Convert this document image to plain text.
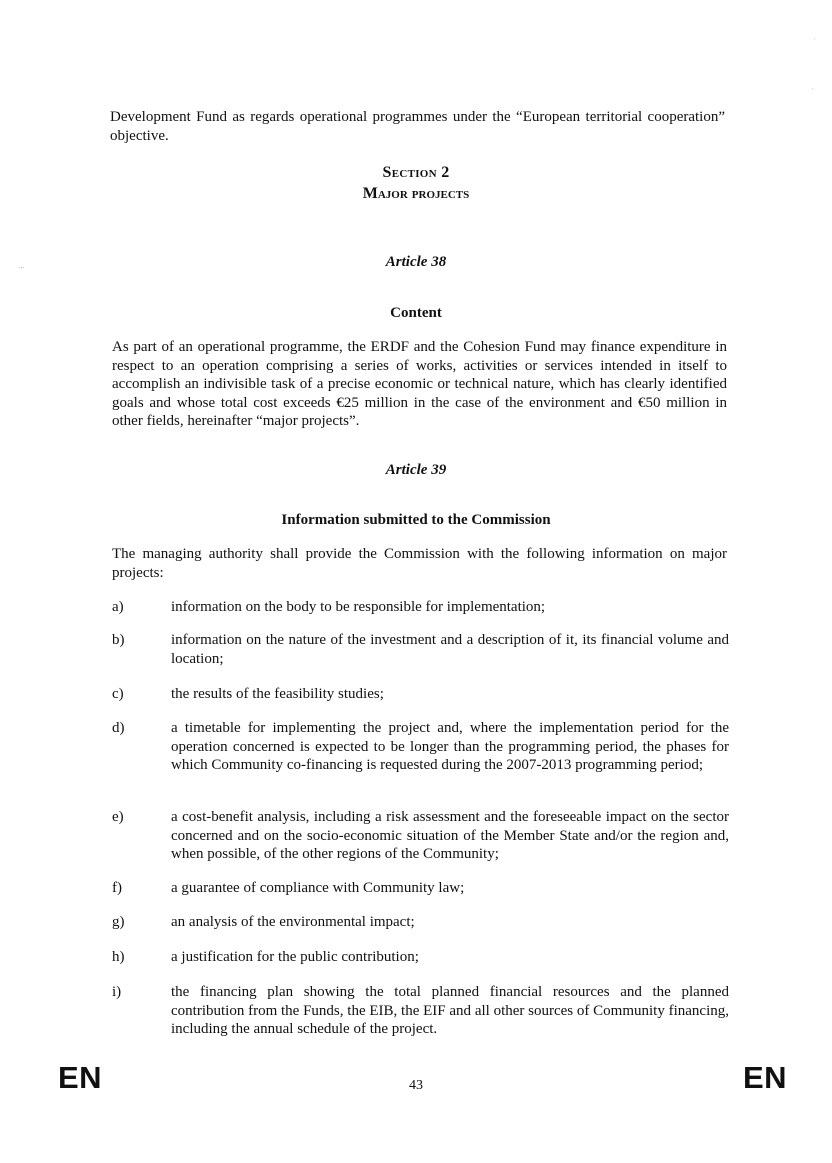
Development Fund as regards operational programmes under the “European territorial cooperation” objective.

Section 2
Major projects
‥.
˙
˙
Article 38
Content

As part of an operational programme, the ERDF and the Cohesion Fund may finance expenditure in respect to an operation comprising a series of works, activities or services intended in itself to accomplish an indivisible task of a precise economic or technical nature, which has clearly identified goals and whose total cost exceeds €25 million in the case of the environment and €50 million in other fields, hereinafter “major projects”.

Article 39
Information submitted to the Commission

The managing authority shall provide the Commission with the following information on major projects:

a)	information on the body to be responsible for implementation;
b)	information on the nature of the investment and a description of it, its financial volume and location;
c)	the results of the feasibility studies;
d)	a timetable for implementing the project and, where the implementation period for the operation concerned is expected to be longer than the programming period, the phases for which Community co-financing is requested during the 2007-2013 programming period;
e)	a cost-benefit analysis, including a risk assessment and the foreseeable impact on the sector concerned and on the socio-economic situation of the Member State and/or the region and, when possible, of the other regions of the Community;
f)	a guarantee of compliance with Community law;
g)	an analysis of the environmental impact;
h)	a justification for the public contribution;
i)	the financing plan showing the total planned financial resources and the planned contribution from the Funds, the EIB, the EIF and all other sources of Community financing, including the annual schedule of the project.
EN	43	EN
